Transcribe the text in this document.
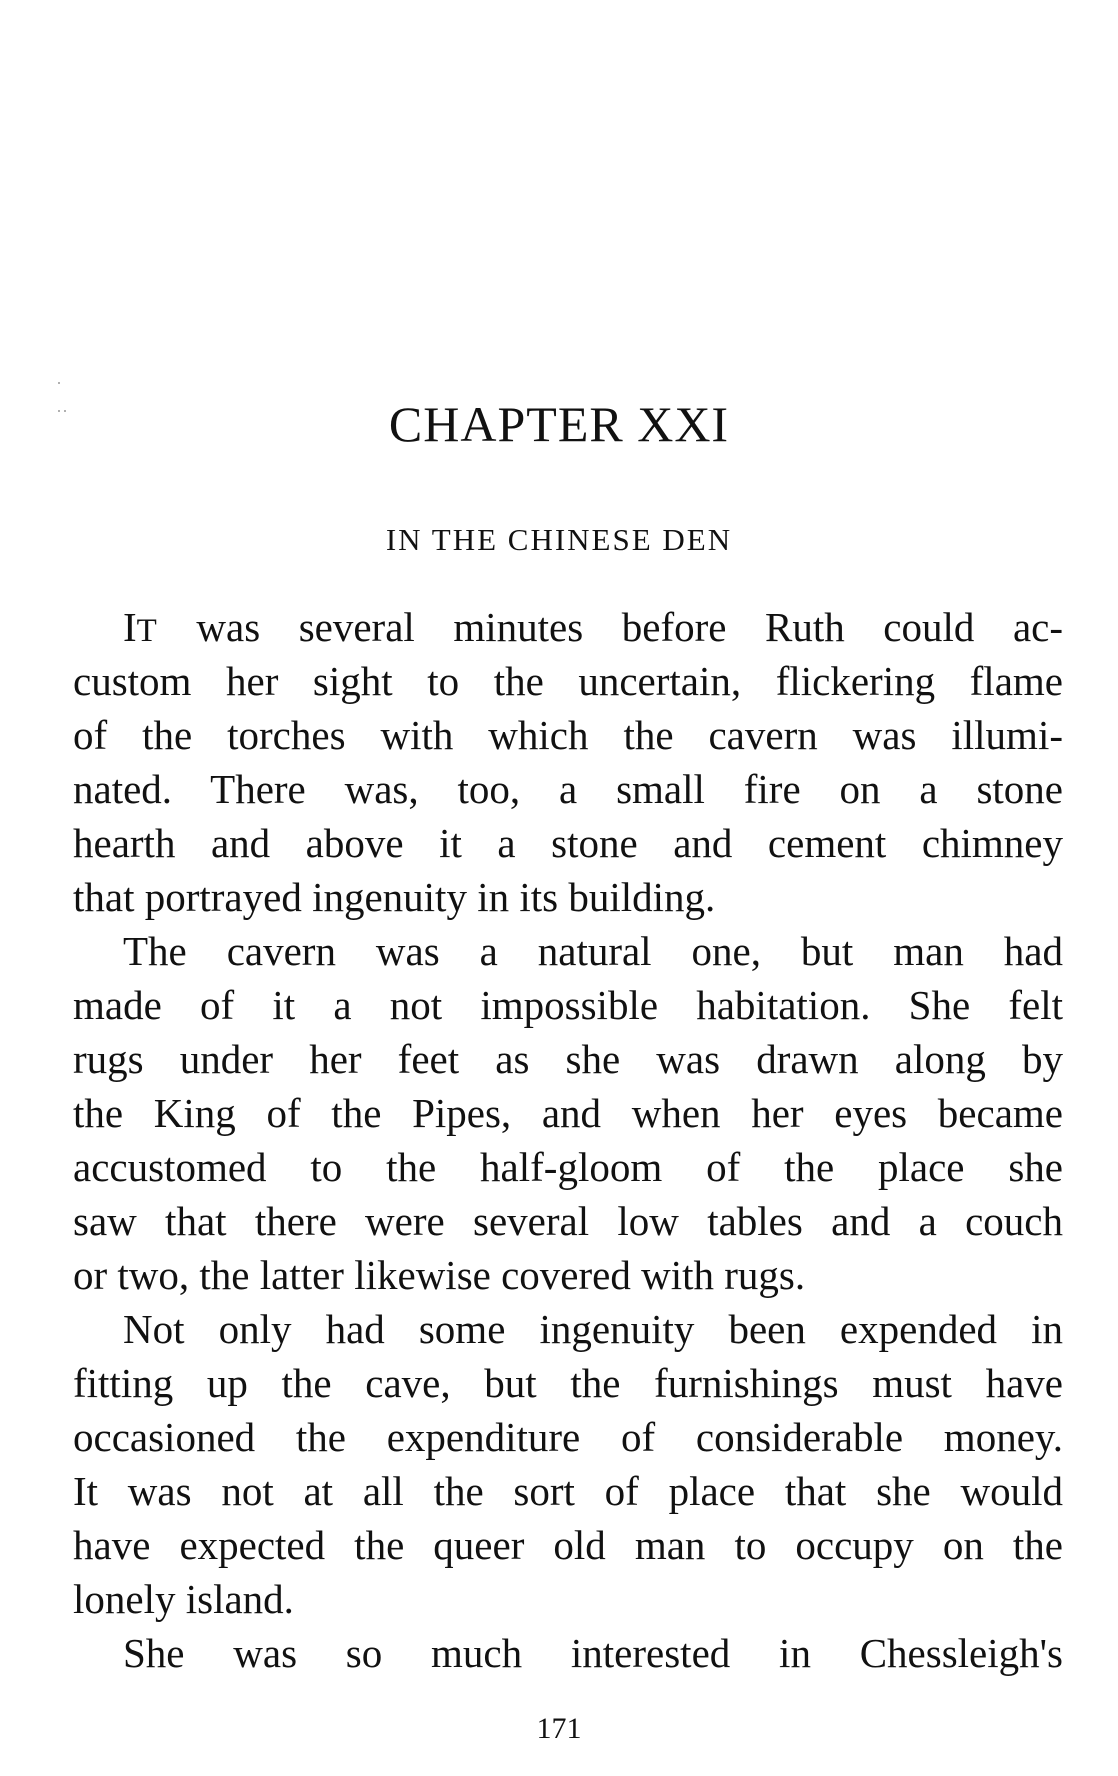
CHAPTER XXI
IN THE CHINESE DEN
IT was several minutes before Ruth could ac-
custom her sight to the uncertain, flickering flame
of the torches with which the cavern was illumi-
nated. There was, too, a small fire on a stone
hearth and above it a stone and cement chimney
that portrayed ingenuity in its building.
The cavern was a natural one, but man had
made of it a not impossible habitation. She felt
rugs under her feet as she was drawn along by
the King of the Pipes, and when her eyes became
accustomed to the half-gloom of the place she
saw that there were several low tables and a couch
or two, the latter likewise covered with rugs.
Not only had some ingenuity been expended in
fitting up the cave, but the furnishings must have
occasioned the expenditure of considerable money.
It was not at all the sort of place that she would
have expected the queer old man to occupy on the
lonely island.
She was so much interested in Chessleigh's

171
